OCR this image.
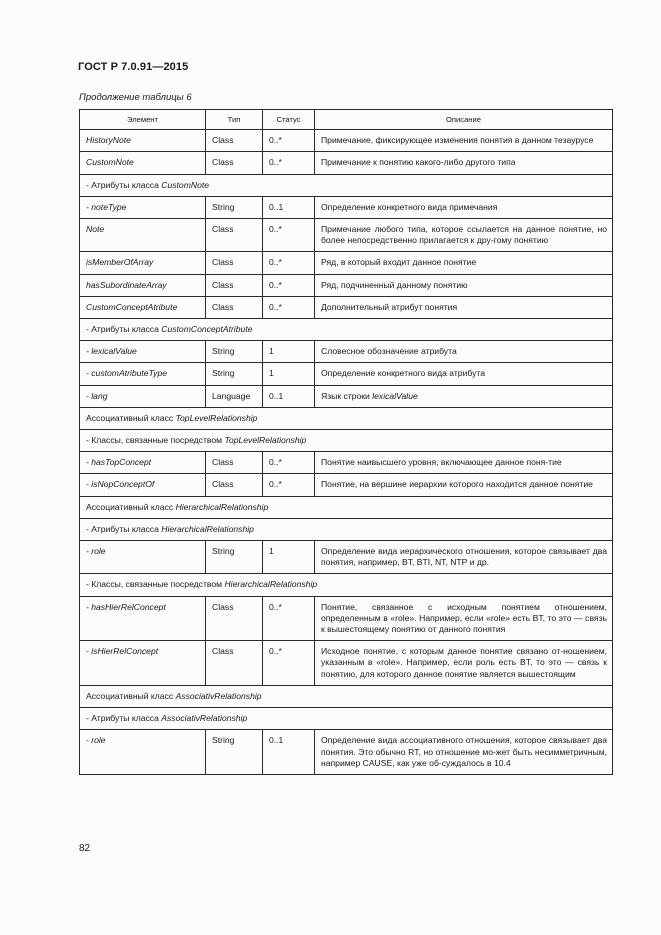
ГОСТ Р 7.0.91—2015
Продолжение таблицы 6
Элемент	Тип	Статус	Описание
HistoryNote	Class	0..*	Примечание, фиксирующее изменения понятия в данном тезаурусе
CustomNote	Class	0..*	Примечание к понятию какого-либо другого типа
- Атрибуты класса CustomNote			
- noteType	String	0..1	Определение конкретного вида примечания
Note	Class	0..*	Примечание любого типа, которое ссылается на данное понятие, но более непосредственно прилагается к дру-гому понятию
isMemberOfArray	Class	0..*	Ряд, в который входит данное понятие
hasSubordinateArray	Class	0..*	Ряд, подчиненный данному понятию
CustomConceptAtribute	Class	0..*	Дополнительный атрибут понятия
- Атрибуты класса CustomConceptAtribute			
- lexicalValue	String	1	Словесное обозначение атрибута
- customAtributeType	String	1	Определение конкретного вида атрибута
- lang	Language	0..1	Язык строки lexicalValue
Ассоциативный класс TopLevelRelationship			
- Классы, связанные посредством TopLevelRelationship			
- hasTopConcept	Class	0..*	Понятие наивысшего уровня, включающее данное поня-тие
- isNopConceptOf	Class	0..*	Понятие, на вершине иерархии которого находится данное понятие
Ассоциативный класс HierarchicalRelationship			
- Атрибуты класса HierarchicalRelationship			
- role	String	1	Определение вида иерархического отношения, которое связывает два понятия, например, BT, BTI, NT, NTP и др.
- Классы, связанные посредством HierarchicalRelationship			
- hasHierRelConcept	Class	0..*	Понятие, связанное с исходным понятием отношением, определенным в «role». Например, если «role» есть BT, то это — связь к вышестоящему понятию от данного понятия
- isHierRelConcept	Class	0..*	Исходное понятие, с которым данное понятие связано от-ношением, указанным в «role». Например, если роль есть BT, то это — связь к понятию, для которого данное понятие является вышестоящим
Ассоциативный класс AssociativRelationship			
- Атрибуты класса AssociativRelationship			
- role	String	0..1	Определение вида ассоциативного отношения, которое связывает два понятия. Это обычно RT, но отношение мо-жет быть несимметричным, например CAUSE, как уже об-суждалось в 10.4
82
